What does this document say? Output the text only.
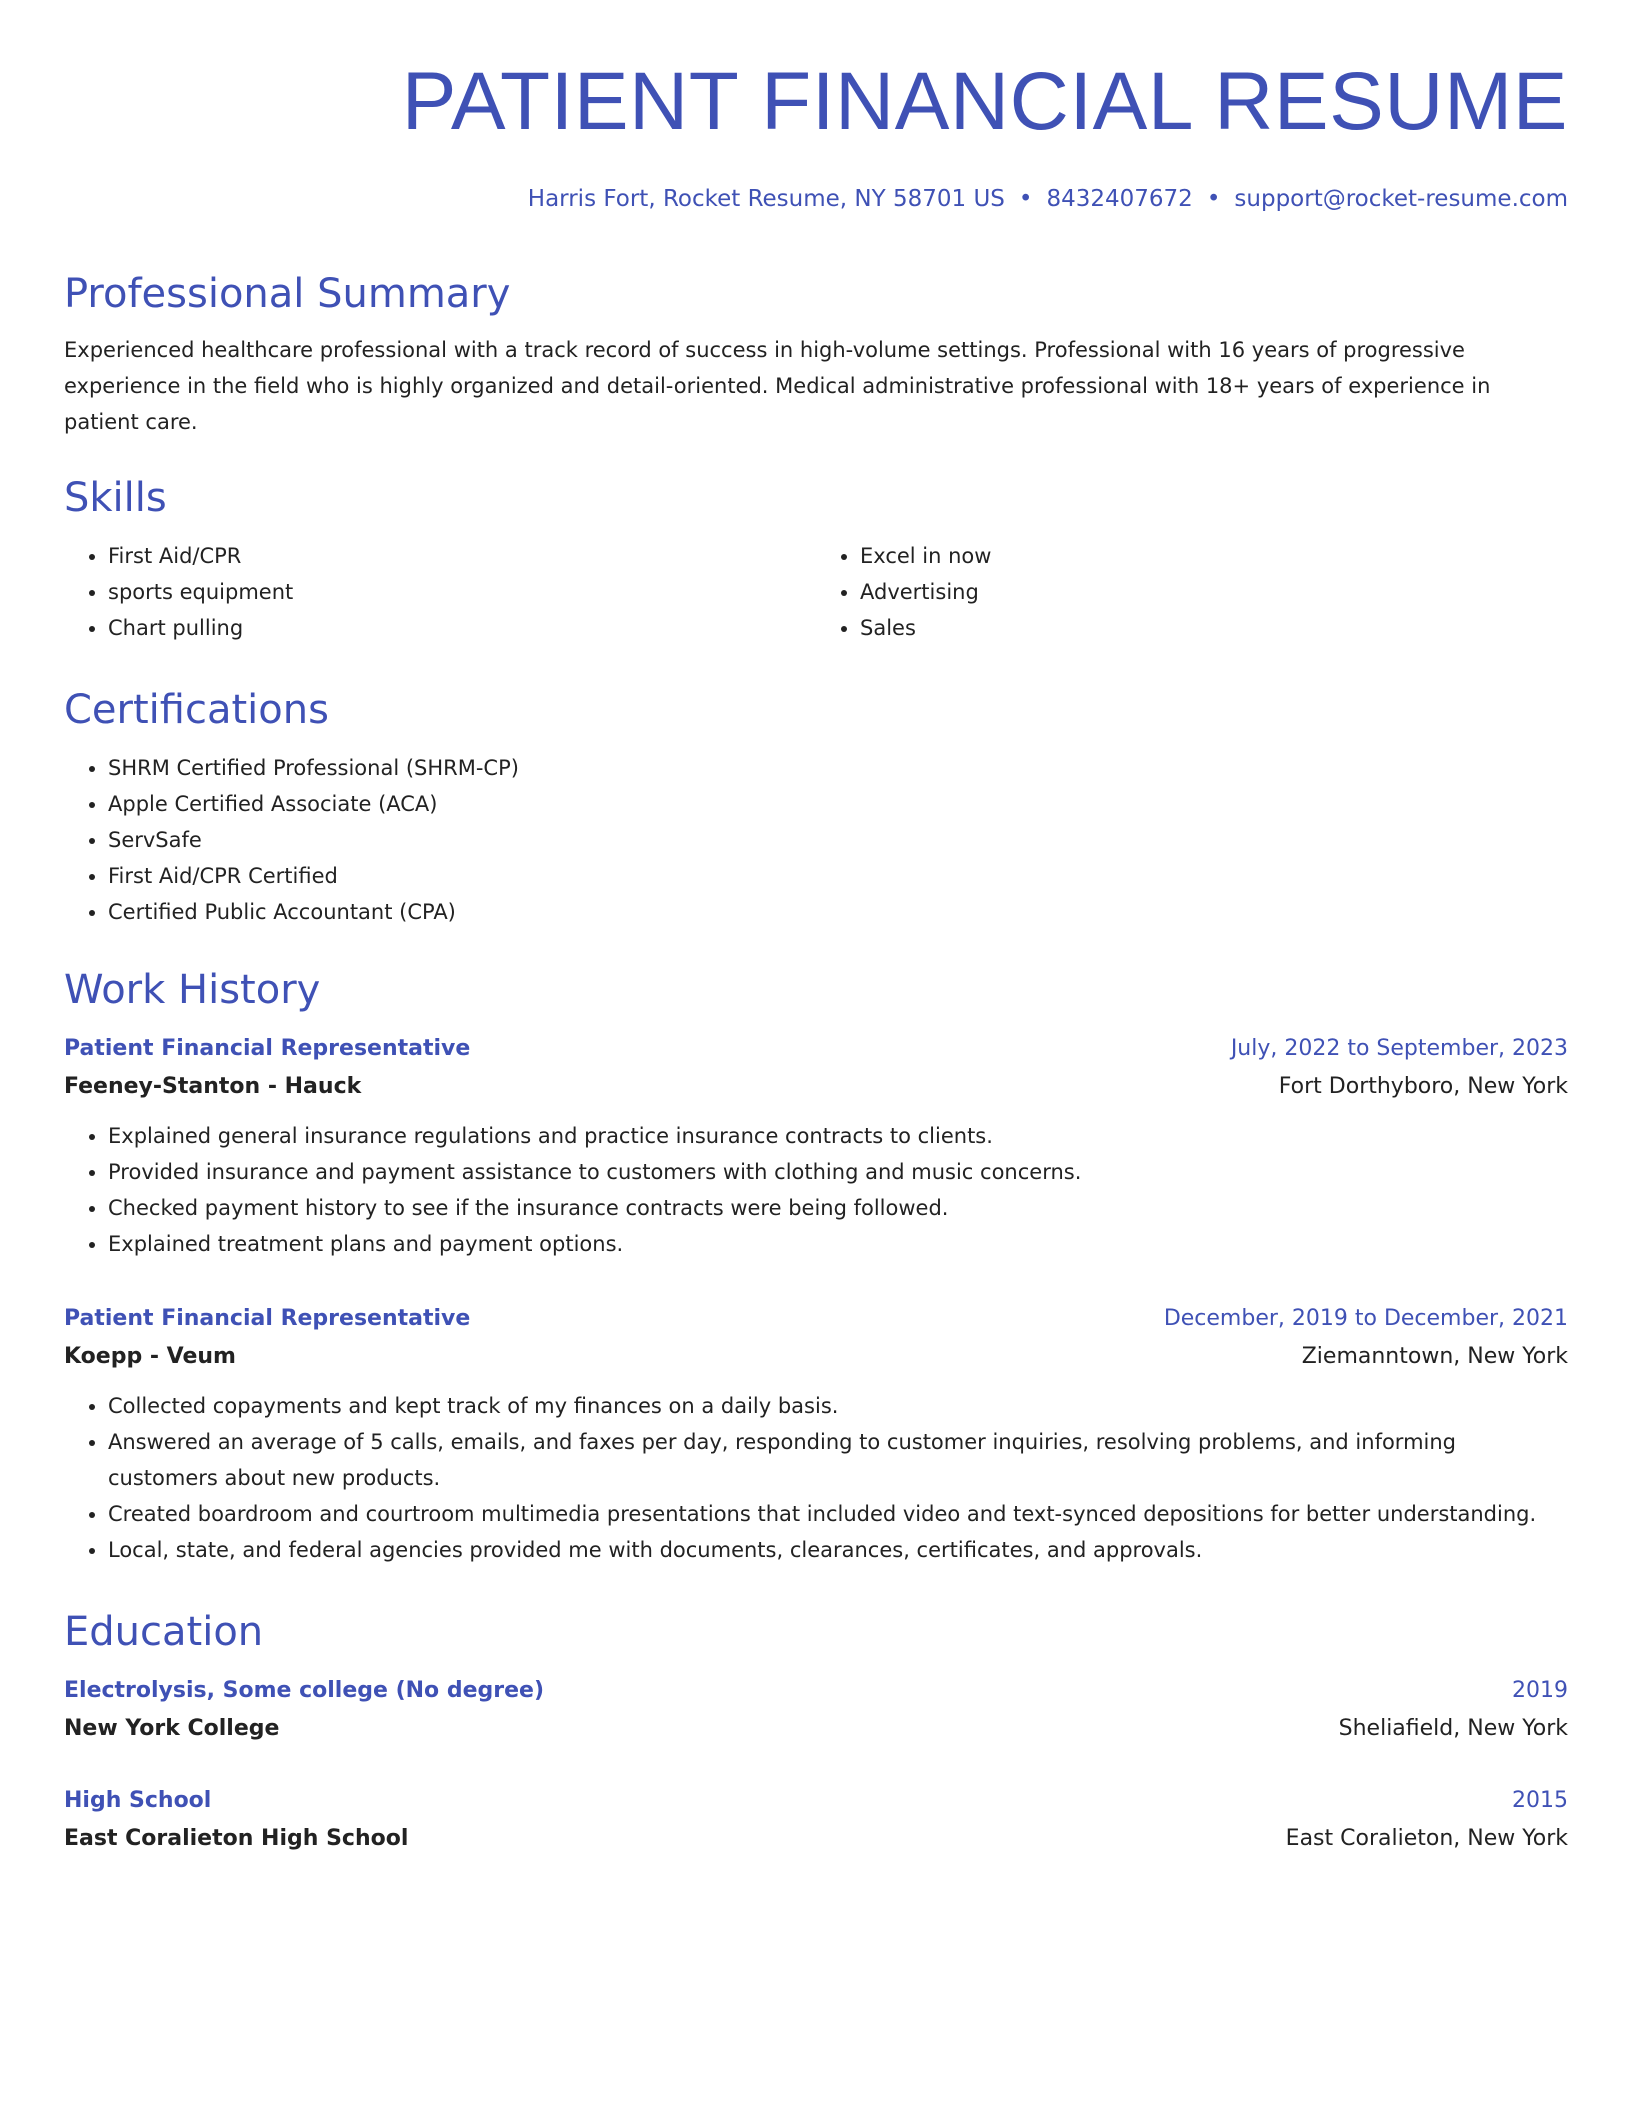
PATIENT FINANCIAL RESUME
Harris Fort, Rocket Resume, NY 58701 US • 8432407672 • support@rocket-resume.com
Professional Summary

Experienced healthcare professional with a track record of success in high-volume settings. Professional with 16 years of progressive experience in the field who is highly organized and detail-oriented. Medical administrative professional with 18+ years of experience in patient care.

Skills
• First Aid/CPR
• sports equipment
• Chart pulling
• Excel in now
• Advertising
• Sales
Certifications
• SHRM Certified Professional (SHRM-CP)
• Apple Certified Associate (ACA)
• ServSafe
• First Aid/CPR Certified
• Certified Public Accountant (CPA)
Work History
Patient Financial Representative	July, 2022 to September, 2023
Feeney-Stanton - Hauck	Fort Dorthyboro, New York
• Explained general insurance regulations and practice insurance contracts to clients.
• Provided insurance and payment assistance to customers with clothing and music concerns.
• Checked payment history to see if the insurance contracts were being followed.
• Explained treatment plans and payment options.
Patient Financial Representative	December, 2019 to December, 2021
Koepp - Veum	Ziemanntown, New York
• Collected copayments and kept track of my finances on a daily basis.
• Answered an average of 5 calls, emails, and faxes per day, responding to customer inquiries, resolving problems, and informing customers about new products.
• Created boardroom and courtroom multimedia presentations that included video and text-synced depositions for better understanding.
• Local, state, and federal agencies provided me with documents, clearances, certificates, and approvals.
Education
Electrolysis, Some college (No degree)	2019
New York College	Sheliafield, New York
High School	2015
East Coralieton High School	East Coralieton, New York
